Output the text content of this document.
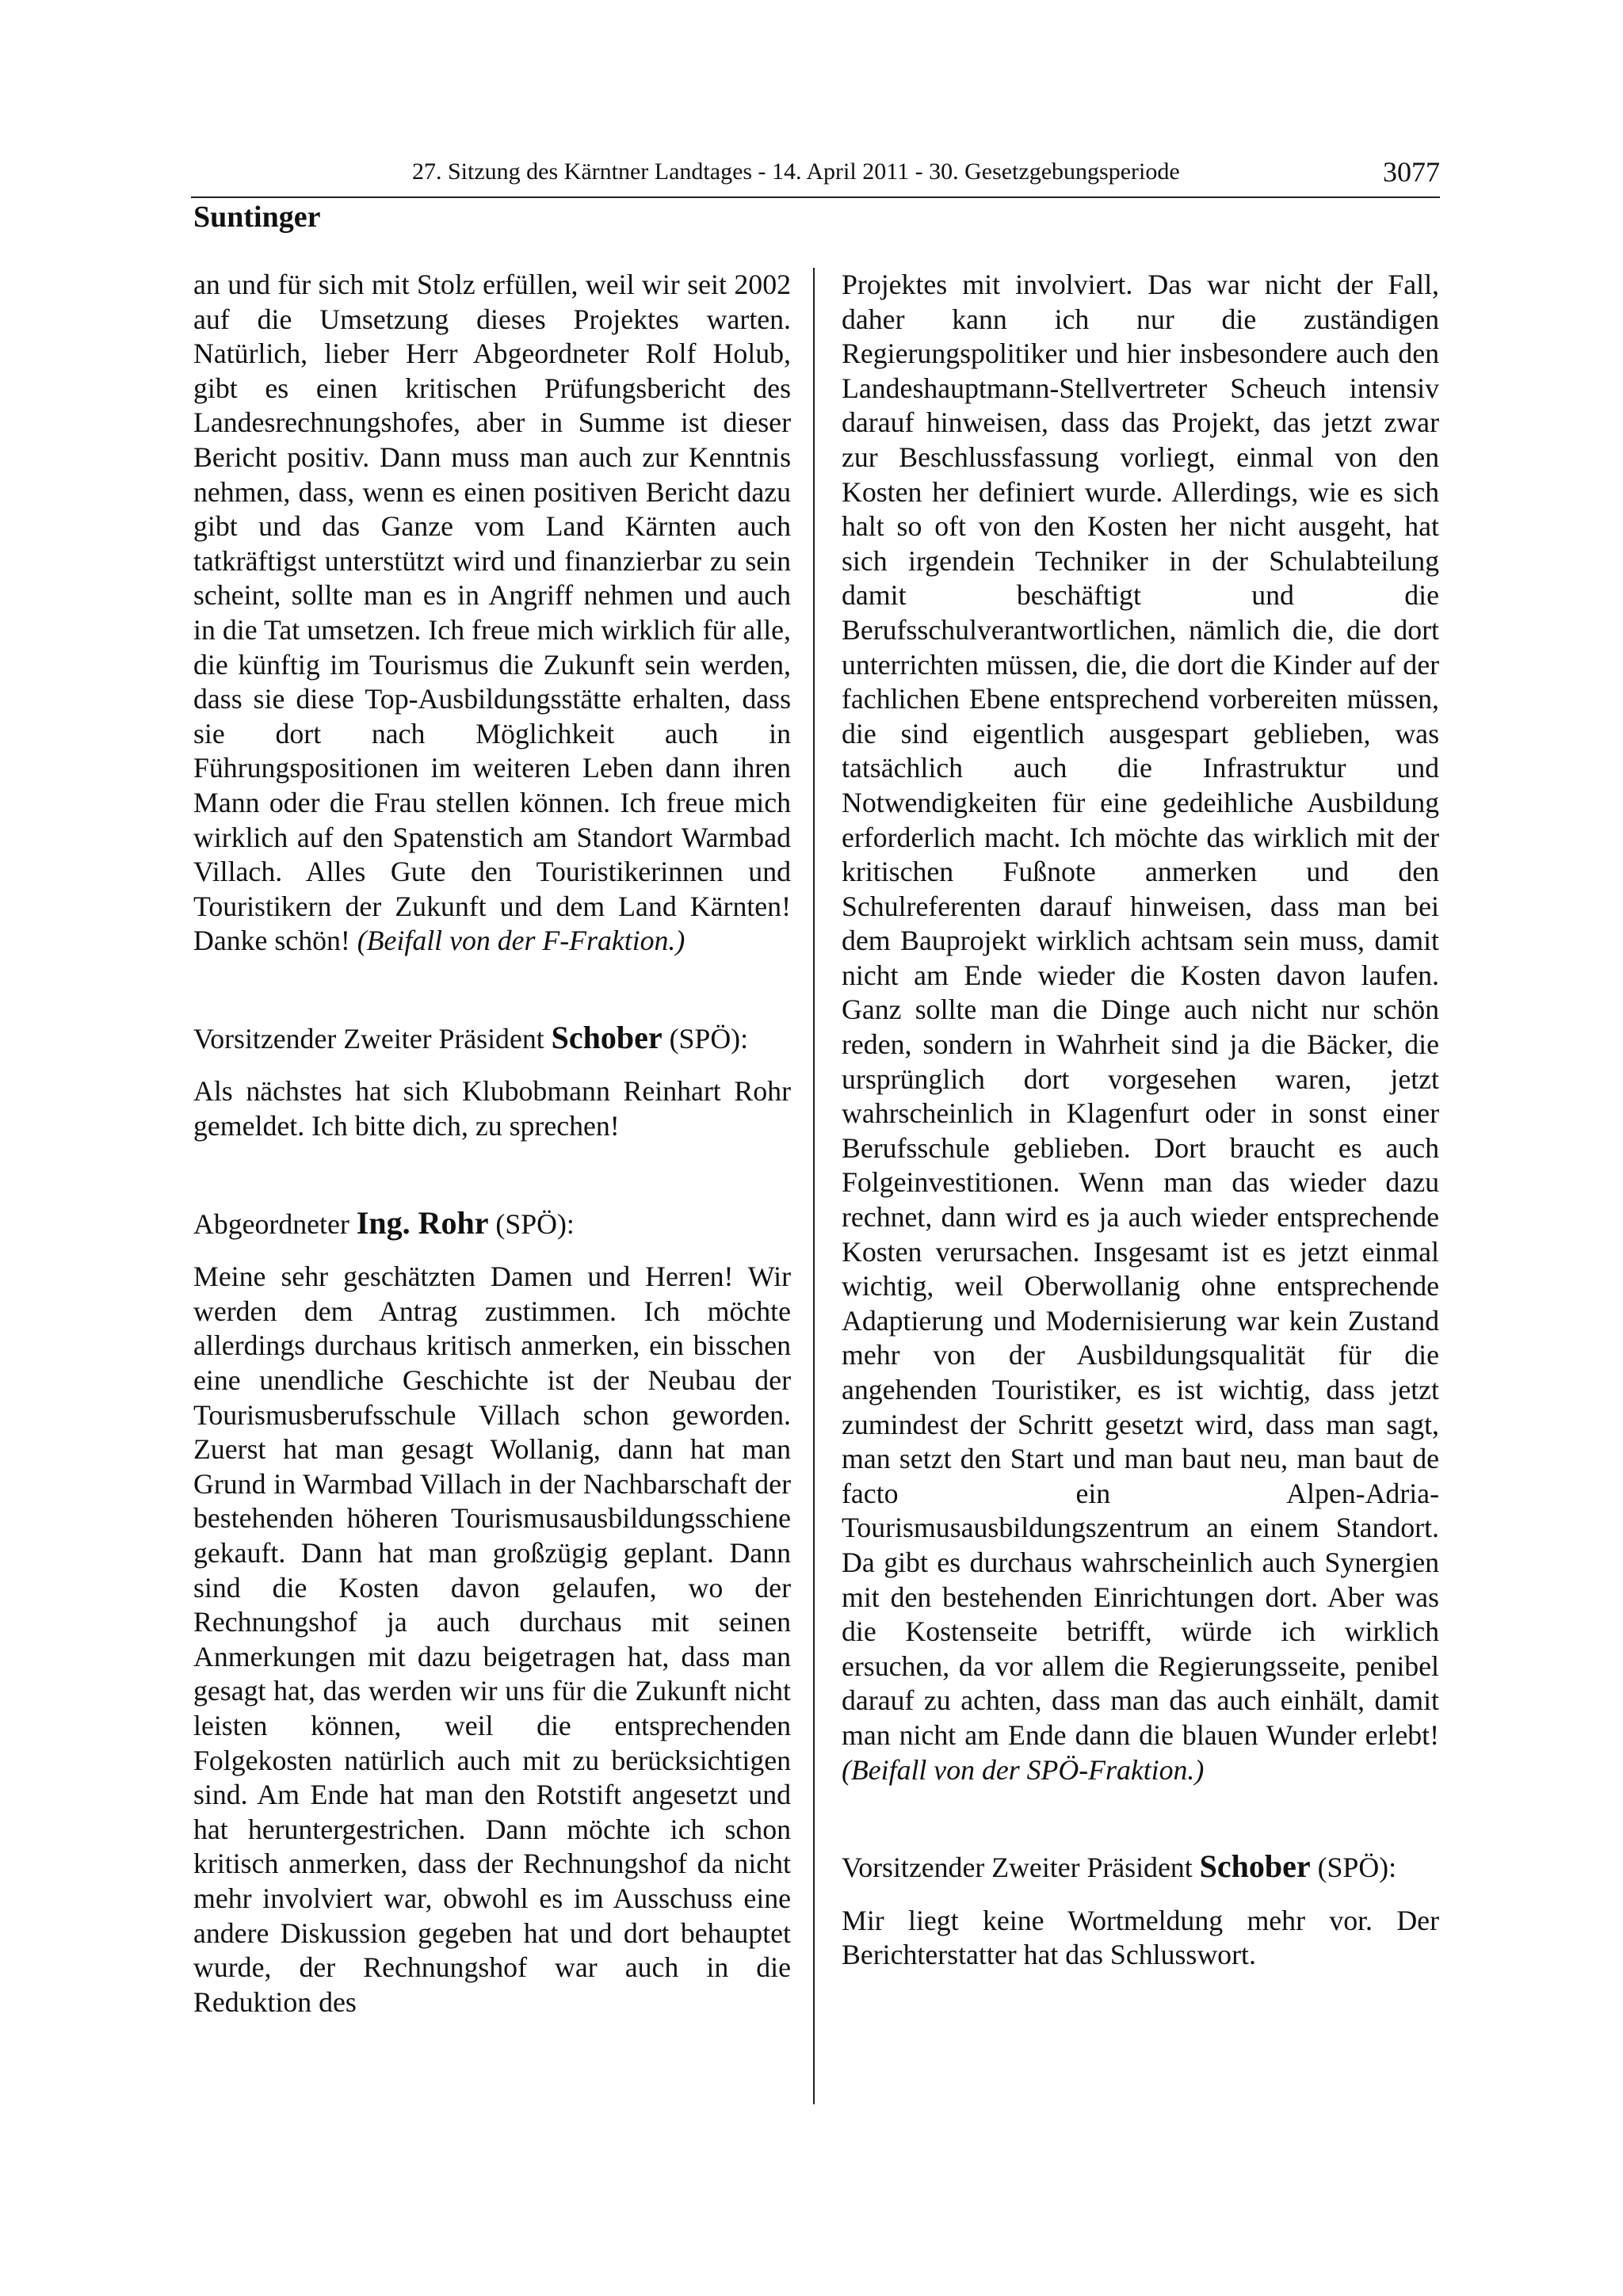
27. Sitzung des Kärntner Landtages - 14. April 2011 - 30. Gesetzgebungsperiode	3077
Suntinger

an und für sich mit Stolz erfüllen, weil wir seit 2002 auf die Umsetzung dieses Projektes warten. Natürlich, lieber Herr Abgeordneter Rolf Holub, gibt es einen kritischen Prüfungsbericht des Landesrechnungshofes, aber in Summe ist dieser Bericht positiv. Dann muss man auch zur Kenntnis nehmen, dass, wenn es einen positiven Bericht dazu gibt und das Ganze vom Land Kärnten auch tatkräftigst unterstützt wird und finanzierbar zu sein scheint, sollte man es in Angriff nehmen und auch in die Tat umsetzen. Ich freue mich wirklich für alle, die künftig im Tourismus die Zukunft sein werden, dass sie diese Top-Ausbildungsstätte erhalten, dass sie dort nach Möglichkeit auch in Führungspositionen im weiteren Leben dann ihren Mann oder die Frau stellen können. Ich freue mich wirklich auf den Spatenstich am Standort Warmbad Villach. Alles Gute den Touristikerinnen und Touristikern der Zukunft und dem Land Kärnten! Danke schön! (Beifall von der F-Fraktion.)

Vorsitzender Zweiter Präsident Schober (SPÖ):

Als nächstes hat sich Klubobmann Reinhart Rohr gemeldet. Ich bitte dich, zu sprechen!

Abgeordneter Ing. Rohr (SPÖ):

Meine sehr geschätzten Damen und Herren! Wir werden dem Antrag zustimmen. Ich möchte allerdings durchaus kritisch anmerken, ein bisschen eine unendliche Geschichte ist der Neubau der Tourismusberufsschule Villach schon geworden. Zuerst hat man gesagt Wollanig, dann hat man Grund in Warmbad Villach in der Nachbarschaft der bestehenden höheren Tourismusausbildungsschiene gekauft. Dann hat man großzügig geplant. Dann sind die Kosten davon gelaufen, wo der Rechnungshof ja auch durchaus mit seinen Anmerkungen mit dazu beigetragen hat, dass man gesagt hat, das werden wir uns für die Zukunft nicht leisten können, weil die entsprechenden Folgekosten natürlich auch mit zu berücksichtigen sind. Am Ende hat man den Rotstift angesetzt und hat heruntergestrichen. Dann möchte ich schon kritisch anmerken, dass der Rechnungshof da nicht mehr involviert war, obwohl es im Ausschuss eine andere Diskussion gegeben hat und dort behauptet wurde, der Rechnungshof war auch in die Reduktion des

Projektes mit involviert. Das war nicht der Fall, daher kann ich nur die zuständigen Regierungspolitiker und hier insbesondere auch den Landeshauptmann-Stellvertreter Scheuch intensiv darauf hinweisen, dass das Projekt, das jetzt zwar zur Beschlussfassung vorliegt, einmal von den Kosten her definiert wurde. Allerdings, wie es sich halt so oft von den Kosten her nicht ausgeht, hat sich irgendein Techniker in der Schulabteilung damit beschäftigt und die Berufsschulverantwortlichen, nämlich die, die dort unterrichten müssen, die, die dort die Kinder auf der fachlichen Ebene entsprechend vorbereiten müssen, die sind eigentlich ausgespart geblieben, was tatsächlich auch die Infrastruktur und Notwendigkeiten für eine gedeihliche Ausbildung erforderlich macht. Ich möchte das wirklich mit der kritischen Fußnote anmerken und den Schulreferenten darauf hinweisen, dass man bei dem Bauprojekt wirklich achtsam sein muss, damit nicht am Ende wieder die Kosten davon laufen. Ganz sollte man die Dinge auch nicht nur schön reden, sondern in Wahrheit sind ja die Bäcker, die ursprünglich dort vorgesehen waren, jetzt wahrscheinlich in Klagenfurt oder in sonst einer Berufsschule geblieben. Dort braucht es auch Folgeinvestitionen. Wenn man das wieder dazu rechnet, dann wird es ja auch wieder entsprechende Kosten verursachen. Insgesamt ist es jetzt einmal wichtig, weil Oberwollanig ohne entsprechende Adaptierung und Modernisierung war kein Zustand mehr von der Ausbildungsqualität für die angehenden Touristiker, es ist wichtig, dass jetzt zumindest der Schritt gesetzt wird, dass man sagt, man setzt den Start und man baut neu, man baut de facto ein Alpen-Adria-Tourismusausbildungszentrum an einem Standort. Da gibt es durchaus wahrscheinlich auch Synergien mit den bestehenden Einrichtungen dort. Aber was die Kostenseite betrifft, würde ich wirklich ersuchen, da vor allem die Regierungsseite, penibel darauf zu achten, dass man das auch einhält, damit man nicht am Ende dann die blauen Wunder erlebt! (Beifall von der SPÖ-Fraktion.)

Vorsitzender Zweiter Präsident Schober (SPÖ):

Mir liegt keine Wortmeldung mehr vor. Der Berichterstatter hat das Schlusswort.
